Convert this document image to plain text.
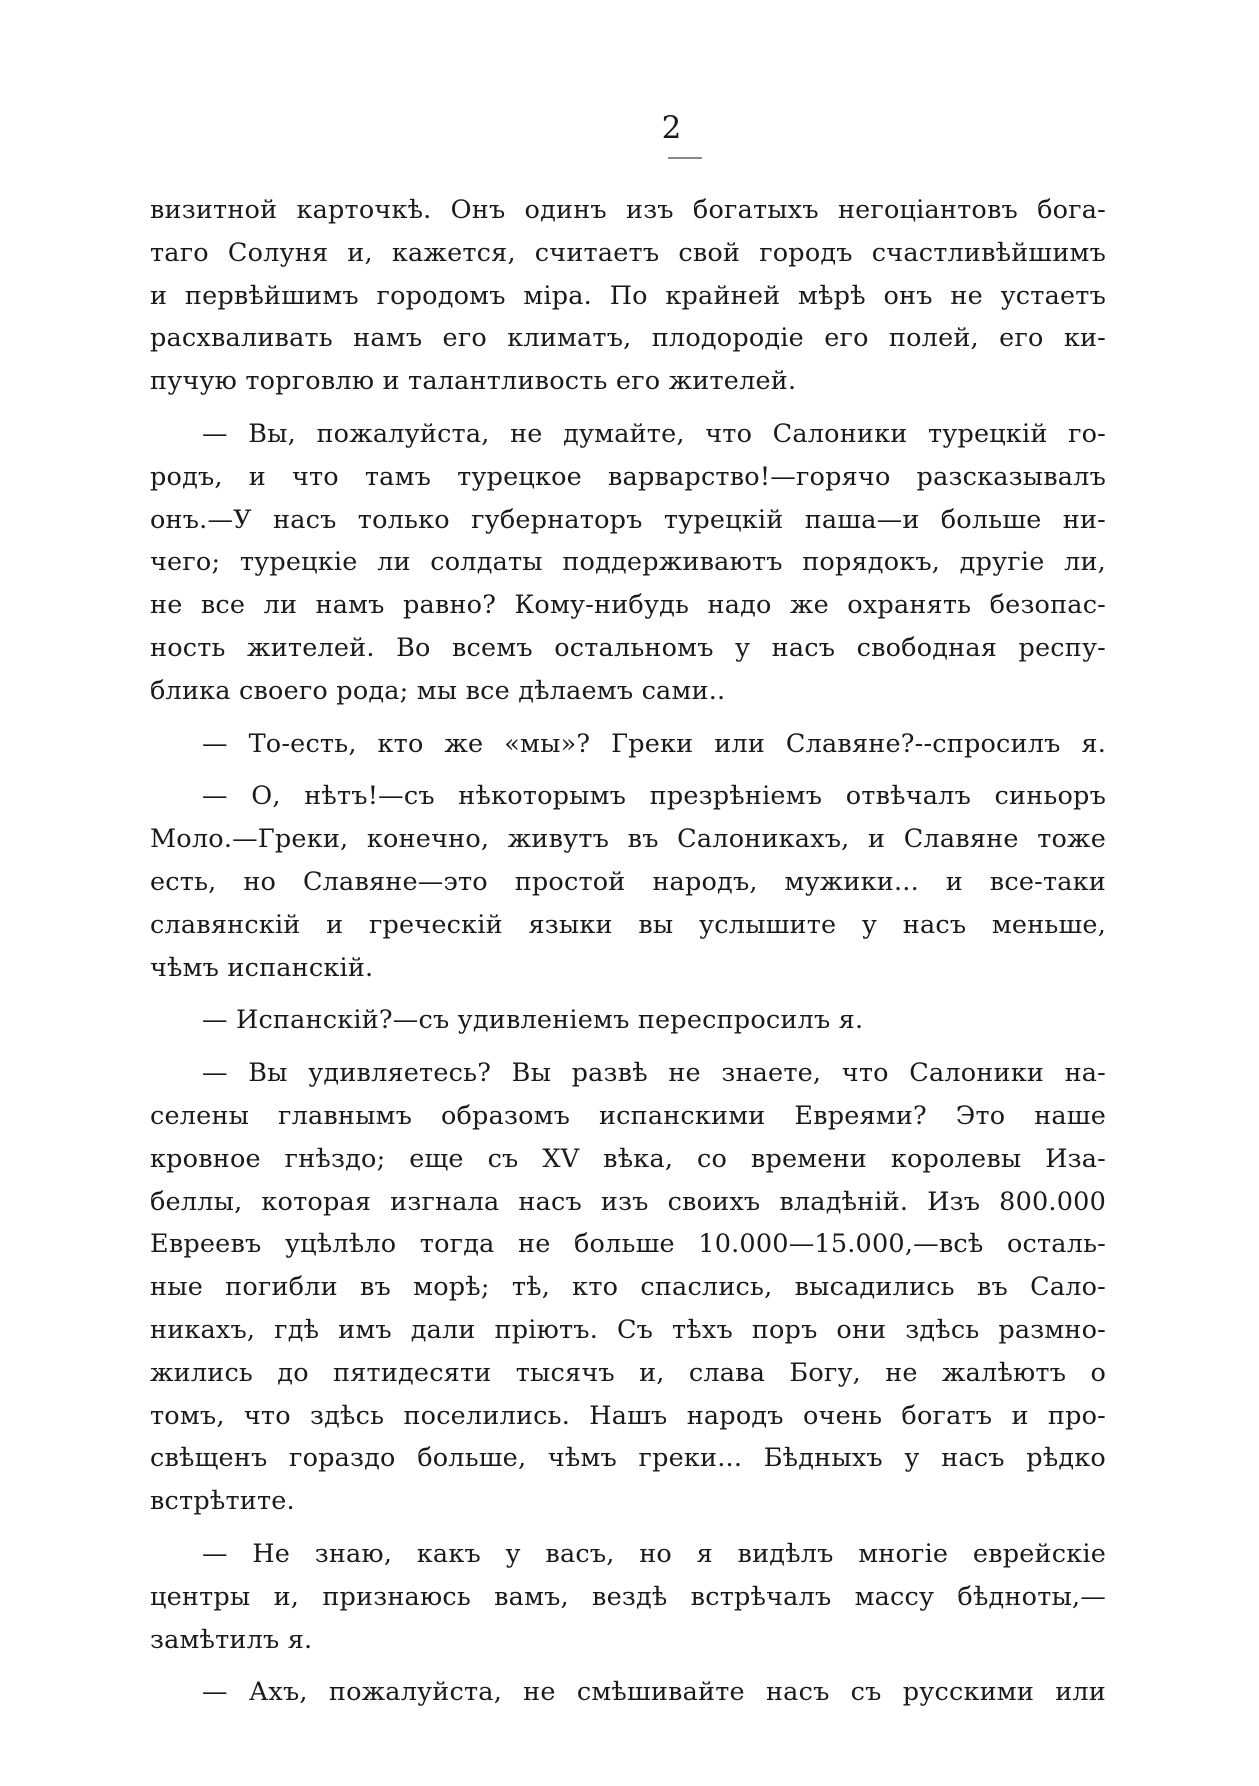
2
визитной карточкѣ. Онъ одинъ изъ богатыхъ негоціантовъ бога-
таго Солуня и, кажется, считаетъ свой городъ счастливѣйшимъ
и первѣйшимъ городомъ міра. По крайней мѣрѣ онъ не устаетъ
расхваливать намъ его климатъ, плодородіе его полей, его ки-
пучую торговлю и талантливость его жителей.
— Вы, пожалуйста, не думайте, что Салоники турецкій го-
родъ, и что тамъ турецкое варварство!—горячо разсказывалъ
онъ.—У насъ только губернаторъ турецкій паша—и больше ни-
чего; турецкіе ли солдаты поддерживаютъ порядокъ, другіе ли,
не все ли намъ равно? Кому-нибудь надо же охранять безопас-
ность жителей. Во всемъ остальномъ у насъ свободная респу-
блика своего рода; мы все дѣлаемъ сами..
— То-есть, кто же «мы»? Греки или Славяне?--спросилъ я.
— О, нѣтъ!—съ нѣкоторымъ презрѣніемъ отвѣчалъ синьоръ
Моло.—Греки, конечно, живутъ въ Салоникахъ, и Славяне тоже
есть, но Славяне—это простой народъ, мужики... и все-таки
славянскій и греческій языки вы услышите у насъ меньше,
чѣмъ испанскій.
— Испанскій?—съ удивленіемъ переспросилъ я.
— Вы удивляетесь? Вы развѣ не знаете, что Салоники на-
селены главнымъ образомъ испанскими Евреями? Это наше
кровное гнѣздо; еще съ XV вѣка, со времени королевы Иза-
беллы, которая изгнала насъ изъ своихъ владѣній. Изъ 800.000
Евреевъ уцѣлѣло тогда не больше 10.000—15.000,—всѣ осталь-
ные погибли въ морѣ; тѣ, кто спаслись, высадились въ Сало-
никахъ, гдѣ имъ дали пріютъ. Съ тѣхъ поръ они здѣсь размно-
жились до пятидесяти тысячъ и, слава Богу, не жалѣютъ о
томъ, что здѣсь поселились. Нашъ народъ очень богатъ и про-
свѣщенъ гораздо больше, чѣмъ греки... Бѣдныхъ у насъ рѣдко
встрѣтите.
— Не знаю, какъ у васъ, но я видѣлъ многіе еврейскіе
центры и, признаюсь вамъ, вездѣ встрѣчалъ массу бѣдноты,—
замѣтилъ я.
— Ахъ, пожалуйста, не смѣшивайте насъ съ русскими или
